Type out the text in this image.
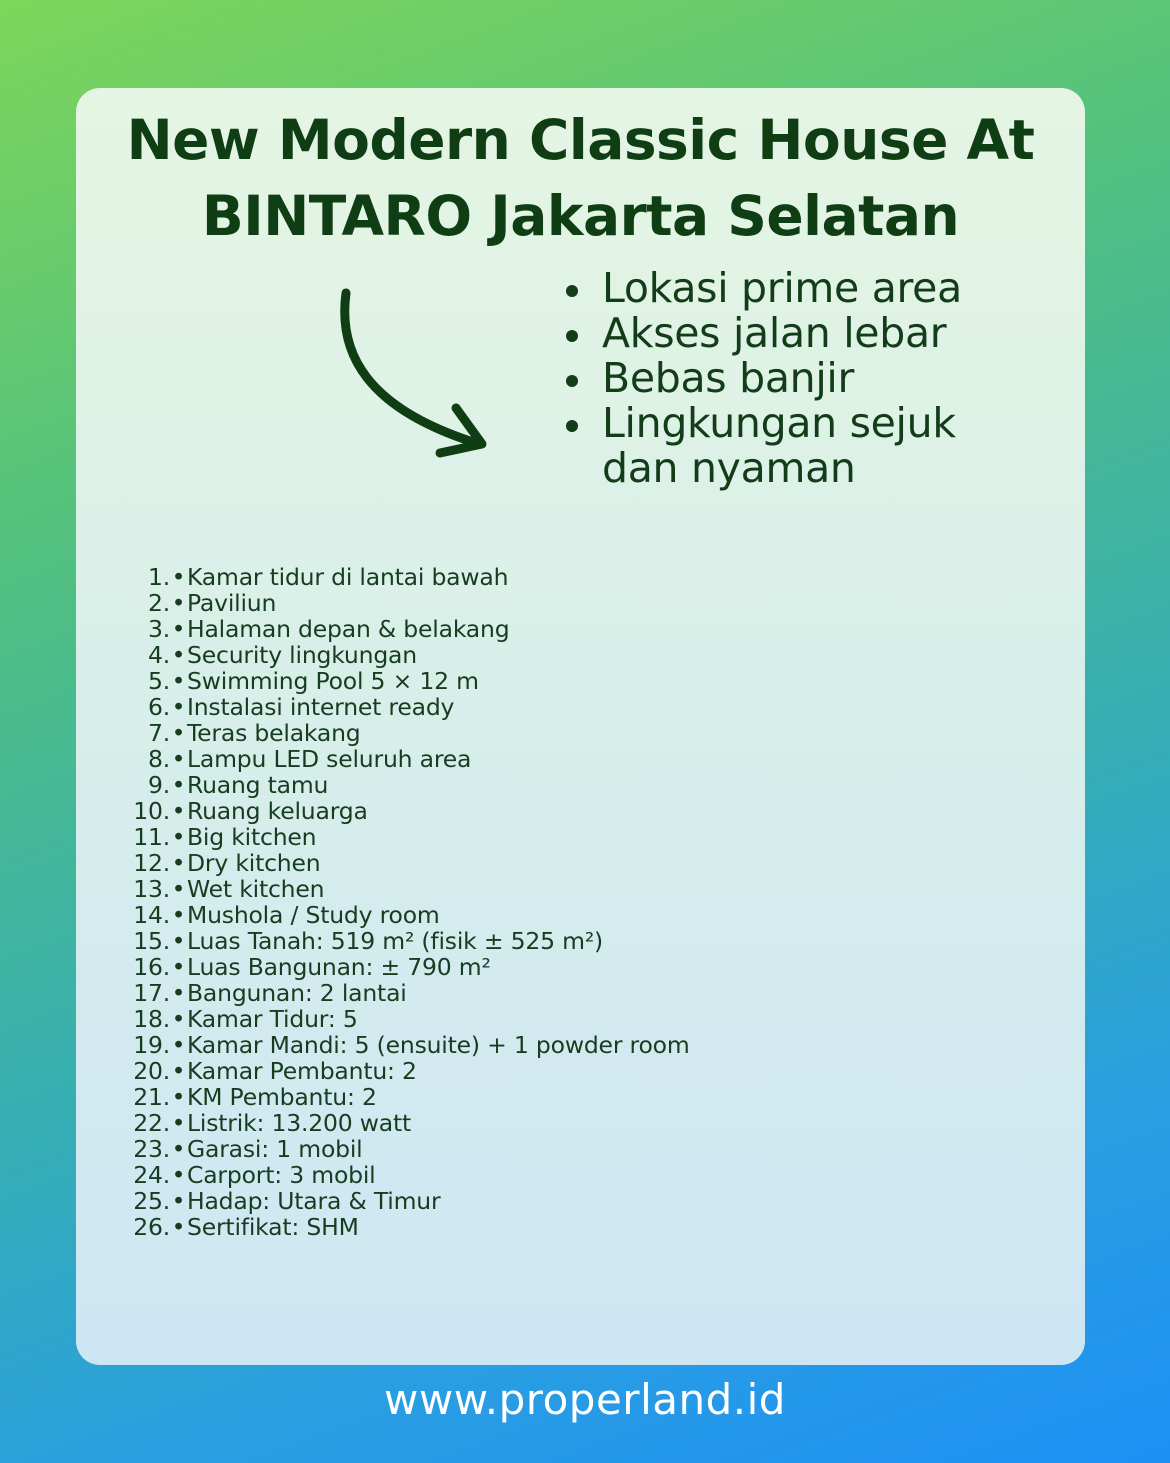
New Modern Classic House At
BINTARO Jakarta Selatan
Lokasi prime area
Akses jalan lebar
Bebas banjir
Lingkungan sejuk dan nyaman
1. • Kamar tidur di lantai bawah
2. • Paviliun
3. • Halaman depan & belakang
4. • Security lingkungan
5. • Swimming Pool 5 × 12 m
6. • Instalasi internet ready
7. • Teras belakang
8. • Lampu LED seluruh area
9. • Ruang tamu
10. • Ruang keluarga
11. • Big kitchen
12. • Dry kitchen
13. • Wet kitchen
14. • Mushola / Study room
15. • Luas Tanah: 519 m² (fisik ± 525 m²)
16. • Luas Bangunan: ± 790 m²
17. • Bangunan: 2 lantai
18. • Kamar Tidur: 5
19. • Kamar Mandi: 5 (ensuite) + 1 powder room
20. • Kamar Pembantu: 2
21. • KM Pembantu: 2
22. • Listrik: 13.200 watt
23. • Garasi: 1 mobil
24. • Carport: 3 mobil
25. • Hadap: Utara & Timur
26. • Sertifikat: SHM
www.properland.id
